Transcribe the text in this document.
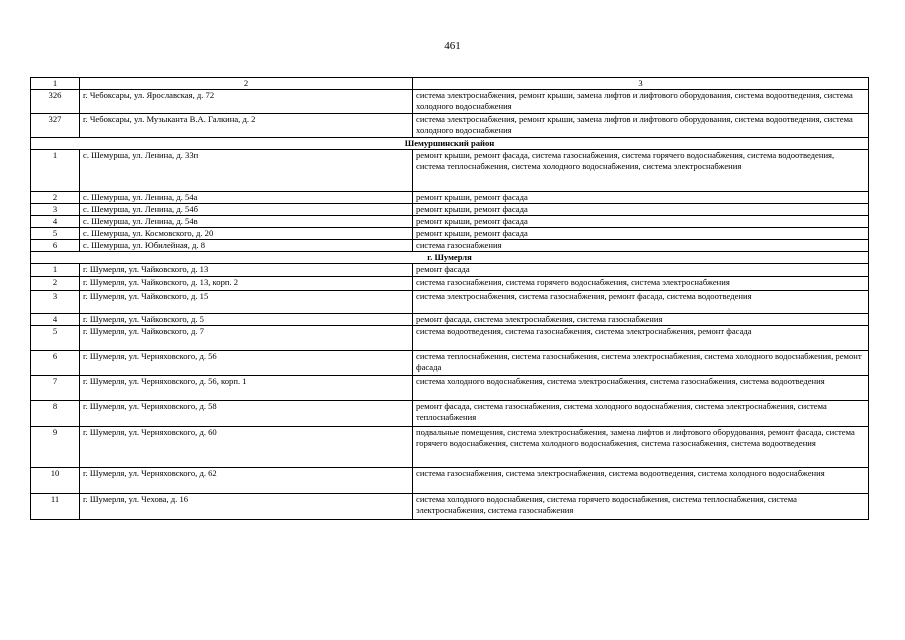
461
1	2	3
326	г. Чебоксары, ул. Ярославская, д. 72	система электроснабжения, ремонт крыши, замена лифтов и лифтового оборудования, система водоотведения, система холодного водоснабжения
327	г. Чебоксары, ул. Музыканта В.А. Галкина, д. 2	система электроснабжения, ремонт крыши, замена лифтов и лифтового оборудования, система водоотведения, система холодного водоснабжения
Шемуршинский район		
1	с. Шемурша, ул. Ленина, д. 33п	ремонт крыши, ремонт фасада, система газоснабжения, система горячего водоснабжения, система водоотведения, система теплоснабжения, система холодного водоснабжения, система электроснабжения
2	с. Шемурша, ул. Ленина, д. 54а	ремонт крыши, ремонт фасада
3	с. Шемурша, ул. Ленина, д. 54б	ремонт крыши, ремонт фасада
4	с. Шемурша, ул. Ленина, д. 54в	ремонт крыши, ремонт фасада
5	с. Шемурша, ул. Космовского, д. 20	ремонт крыши, ремонт фасада
6	с. Шемурша, ул. Юбилейная, д. 8	система газоснабжения
г. Шумерля		
1	г. Шумерля, ул. Чайковского, д. 13	ремонт фасада
2	г. Шумерля, ул. Чайковского, д. 13, корп. 2	система газоснабжения, система горячего водоснабжения, система электроснабжения
3	г. Шумерля, ул. Чайковского, д. 15	система электроснабжения, система газоснабжения, ремонт фасада, система водоотведения
4	г. Шумерля, ул. Чайковского, д. 5	ремонт фасада, система электроснабжения, система газоснабжения
5	г. Шумерля, ул. Чайковского, д. 7	система водоотведения, система газоснабжения, система электроснабжения, ремонт фасада
6	г. Шумерля, ул. Черняховского, д. 56	система теплоснабжения, система газоснабжения, система электроснабжения, система холодного водоснабжения, ремонт фасада
7	г. Шумерля, ул. Черняховского, д. 56, корп. 1	система холодного водоснабжения, система электроснабжения, система газоснабжения, система водоотведения
8	г. Шумерля, ул. Черняховского, д. 58	ремонт фасада, система газоснабжения, система холодного водоснабжения, система электроснабжения, система теплоснабжения
9	г. Шумерля, ул. Черняховского, д. 60	подвальные помещения, система электроснабжения, замена лифтов и лифтового оборудования, ремонт фасада, система горячего водоснабжения, система холодного водоснабжения, система газоснабжения, система водоотведения
10	г. Шумерля, ул. Черняховского, д. 62	система газоснабжения, система электроснабжения, система водоотведения, система холодного водоснабжения
11	г. Шумерля, ул. Чехова, д. 16	система холодного водоснабжения, система горячего водоснабжения, система теплоснабжения, система электроснабжения, система газоснабжения
